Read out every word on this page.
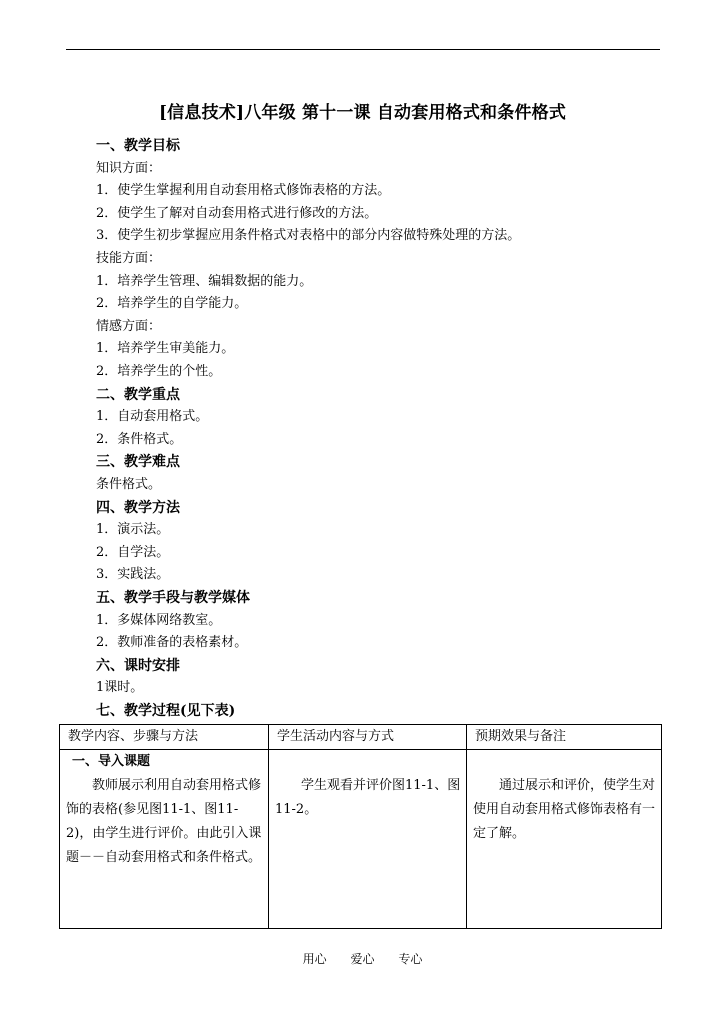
[信息技术]八年级 第十一课 自动套用格式和条件格式
一、教学目标
知识方面：
1．使学生掌握利用自动套用格式修饰表格的方法。
2．使学生了解对自动套用格式进行修改的方法。
3．使学生初步掌握应用条件格式对表格中的部分内容做特殊处理的方法。
技能方面：
1．培养学生管理、编辑数据的能力。
2．培养学生的自学能力。
情感方面：
1．培养学生审美能力。
2．培养学生的个性。
二、教学重点
1．自动套用格式。
2．条件格式。
三、教学难点
条件格式。
四、教学方法
1．演示法。
2．自学法。
3．实践法。
五、教学手段与教学媒体
1．多媒体网络教室。
2．教师准备的表格素材。
六、课时安排
1课时。
七、教学过程(见下表)
教学内容、步骤与方法	学生活动内容与方式	预期效果与备注

一、导入课题
教师展示利用自动套用格式修饰的表格(参见图11-1、图11-2)，由学生进行评价。由此引入课题－－自动套用格式和条件格式。	学生观看并评价图11-1、图11-2。	通过展示和评价，使学生对使用自动套用格式修饰表格有一定了解。
用心 爱心 专心
